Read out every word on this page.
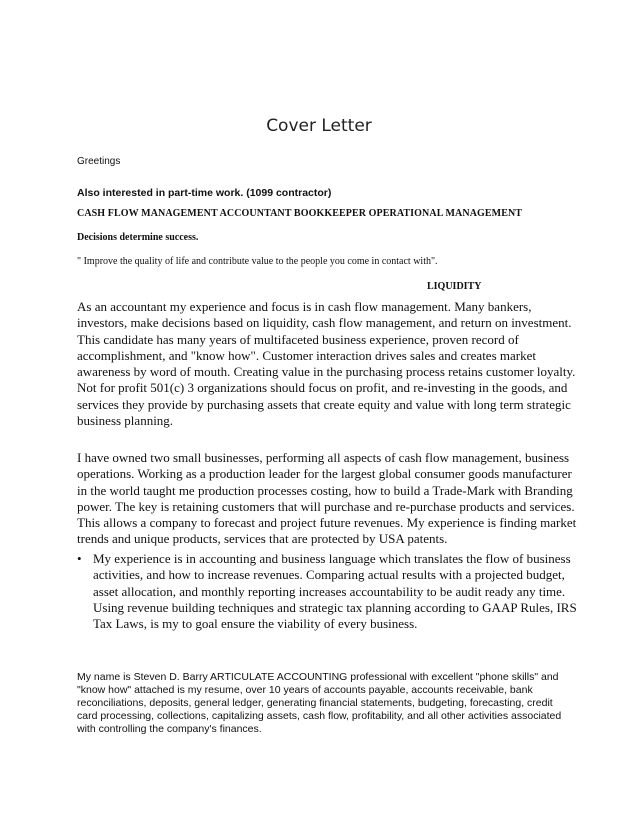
Cover Letter
Greetings
Also interested in part-time work. (1099 contractor)
CASH FLOW MANAGEMENT ACCOUNTANT BOOKKEEPER OPERATIONAL MANAGEMENT
Decisions determine success.
" Improve the quality of life and contribute value to the people you come in contact with".
LIQUIDITY
As an accountant my experience and focus is in cash flow management. Many bankers,
investors, make decisions based on liquidity, cash flow management, and return on investment.
This candidate has many years of multifaceted business experience, proven record of
accomplishment, and "know how". Customer interaction drives sales and creates market
awareness by word of mouth. Creating value in the purchasing process retains customer loyalty.
Not for profit 501(c) 3 organizations should focus on profit, and re-investing in the goods, and
services they provide by purchasing assets that create equity and value with long term strategic
business planning.
I have owned two small businesses, performing all aspects of cash flow management, business
operations. Working as a production leader for the largest global consumer goods manufacturer
in the world taught me production processes costing, how to build a Trade-Mark with Branding
power. The key is retaining customers that will purchase and re-purchase products and services.
This allows a company to forecast and project future revenues. My experience is finding market
trends and unique products, services that are protected by USA patents.
• My experience is in accounting and business language which translates the flow of business
activities, and how to increase revenues. Comparing actual results with a projected budget,
asset allocation, and monthly reporting increases accountability to be audit ready any time.
Using revenue building techniques and strategic tax planning according to GAAP Rules, IRS
Tax Laws, is my to goal ensure the viability of every business.
My name is Steven D. Barry ARTICULATE ACCOUNTING professional with excellent "phone skills" and
"know how" attached is my resume, over 10 years of accounts payable, accounts receivable, bank
reconciliations, deposits, general ledger, generating financial statements, budgeting, forecasting, credit
card processing, collections, capitalizing assets, cash flow, profitability, and all other activities associated
with controlling the company's finances.
